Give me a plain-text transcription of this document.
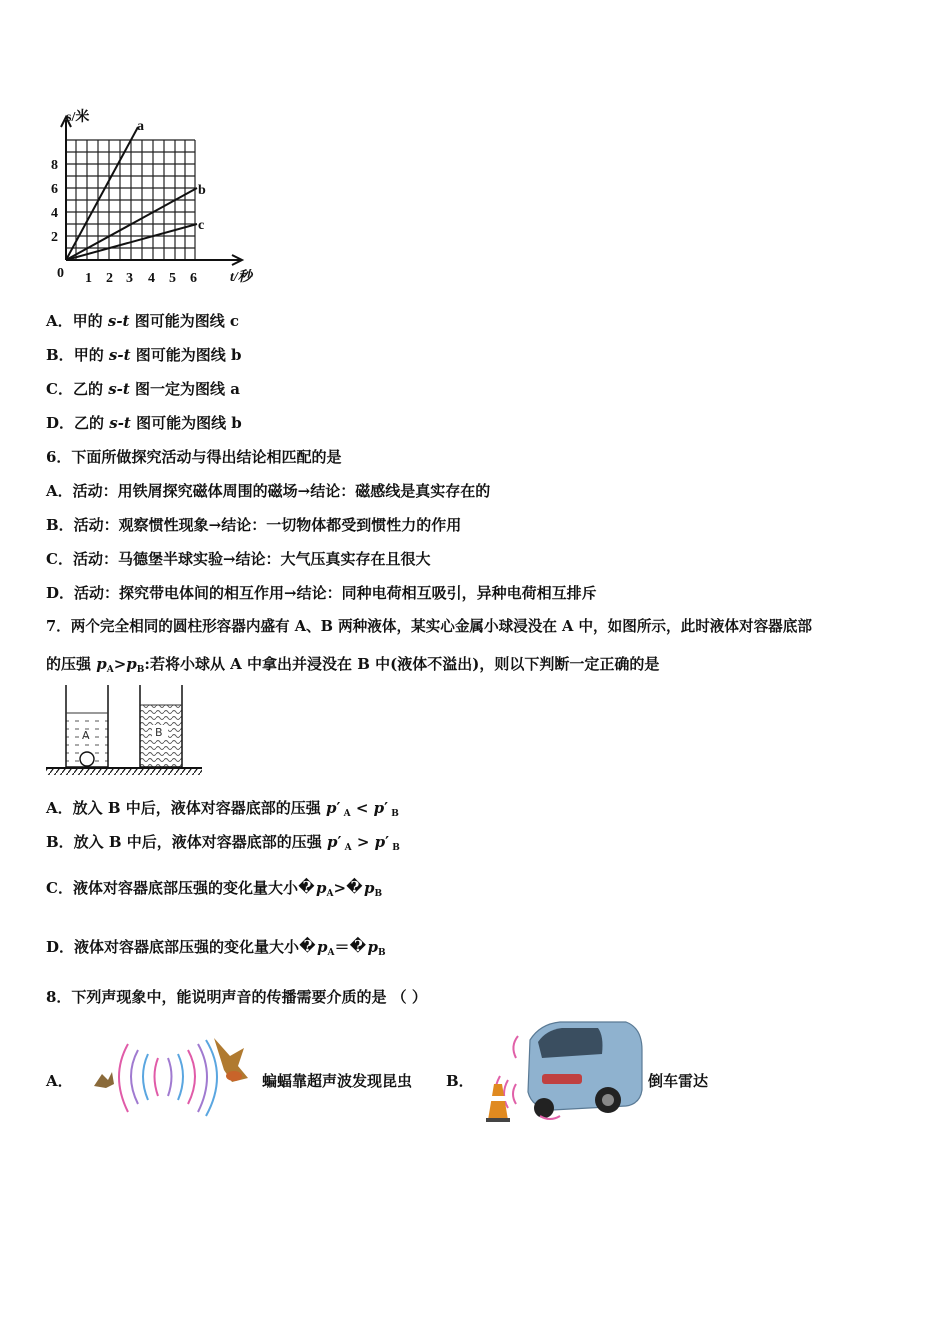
s/米
t/秒
0
2
4
6
8
1 2 3 4 5 6
a
b
c
A．甲的 s-t 图可能为图线 c
B．甲的 s-t 图可能为图线 b
C．乙的 s-t 图一定为图线 a
D．乙的 s-t 图可能为图线 b
6．下面所做探究活动与得出结论相匹配的是
A．活动：用铁屑探究磁体周围的磁场→结论：磁感线是真实存在的
B．活动：观察惯性现象→结论：一切物体都受到惯性力的作用
C．活动：马德堡半球实验→结论：大气压真实存在且很大
D．活动：探究带电体间的相互作用→结论：同种电荷相互吸引，异种电荷相互排斥
7．两个完全相同的圆柱形容器内盛有 A、B 两种液体，某实心金属小球浸没在 A 中，如图所示，此时液体对容器底部
的压强 $p_A>p_B$:若将小球从 A 中拿出并浸没在 B 中(液体不溢出)，则以下判断一定正确的是
A	B
A．放入 B 中后，液体对容器底部的压强 p′ $_A$ < p′ $_B$
B．放入 B 中后，液体对容器底部的压强 p′ $_A$ > p′ $_B$
C．液体对容器底部压强的变化量大小 � $p_A>$ � $p_B$
D．液体对容器底部压强的变化量大小 � $p_A=$ � $p_B$
8．下列声现象中，能说明声音的传播需要介质的是 （ ）
A．	蝙蝠靠超声波发现昆虫 B．	倒车雷达
